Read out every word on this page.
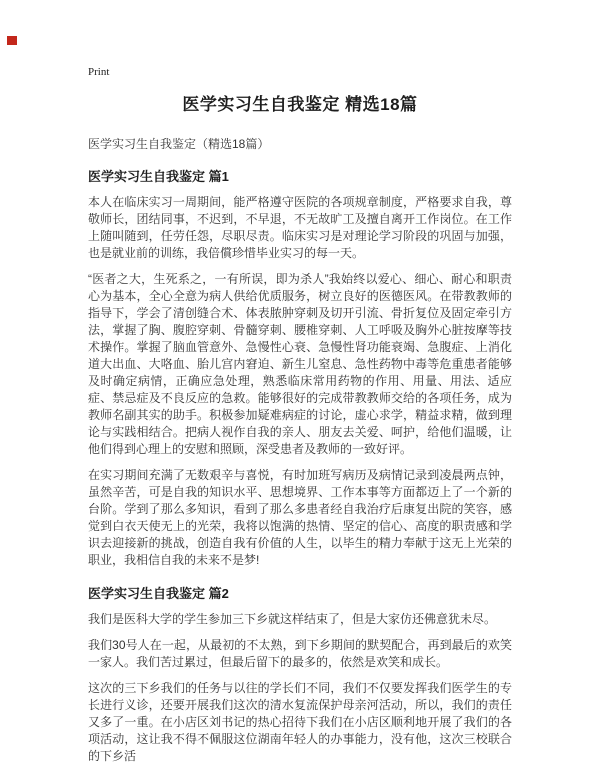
Print
医学实习生自我鉴定 精选18篇

医学实习生自我鉴定（精选18篇）

医学实习生自我鉴定 篇1

本人在临床实习一周期间，能严格遵守医院的各项规章制度，严格要求自我，尊敬师长，团结同事，不迟到，不早退，不无故旷工及擅自离开工作岗位。在工作上随叫随到，任劳任怨，尽职尽责。临床实习是对理论学习阶段的巩固与加强，也是就业前的训练，我倍償珍惜毕业实习的每一天。

“医者之大，生死系之，一有所误，即为杀人”我始终以爱心、细心、耐心和职责心为基本，全心全意为病人供给优质服务，树立良好的医德医风。在带教教师的指导下，学会了清创缝合术、体表脓肿穿刺及切开引流、骨折复位及固定牵引方法，掌握了胸、腹腔穿刺、骨髓穿刺、腰椎穿刺、人工呼吸及胸外心脏按摩等技术操作。掌握了脑血管意外、急慢性心衰、急慢性肾功能衰竭、急腹症、上消化道大出血、大咯血、胎儿宫内窘迫、新生儿窒息、急性药物中毒等危重患者能够及时确定病情，正确应急处理，熟悉临床常用药物的作用、用量、用法、适应症、禁忌症及不良反应的急救。能够很好的完成带教教师交给的各项任务，成为教师名副其实的助手。积极参加疑难病症的讨论，虚心求学，精益求精，做到理论与实践相结合。把病人视作自我的亲人、朋友去关爱、呵护，给他们温暖，让他们得到心理上的安慰和照顾，深受患者及教师的一致好评。

在实习期间充满了无数艰辛与喜悦，有时加班写病历及病情记录到凌晨两点钟，虽然辛苦，可是自我的知识水平、思想境界、工作本事等方面都迈上了一个新的台阶。学到了那么多知识，看到了那么多患者经自我治疗后康复出院的笑容，感觉到白衣天使无上的光荣，我将以饱满的热情、坚定的信心、高度的职责感和学识去迎接新的挑战，创造自我有价值的人生，以毕生的精力奉献于这无上光荣的职业，我相信自我的未来不是梦!

医学实习生自我鉴定 篇2

我们是医科大学的学生参加三下乡就这样结束了，但是大家仿还佛意犹未尽。

我们30号人在一起，从最初的不太熟，到下乡期间的默契配合，再到最后的欢笑一家人。我们苦过累过，但最后留下的最多的，依然是欢笑和成长。

这次的三下乡我们的任务与以往的学长们不同，我们不仅要发挥我们医学生的专长进行义诊，还要开展我们这次的清水复流保护母亲河活动，所以，我们的责任又多了一重。在小店区刘书记的热心招待下我们在小店区顺利地开展了我们的各项活动，这让我不得不佩服这位湖南年轻人的办事能力，没有他，这次三校联合的下乡活
